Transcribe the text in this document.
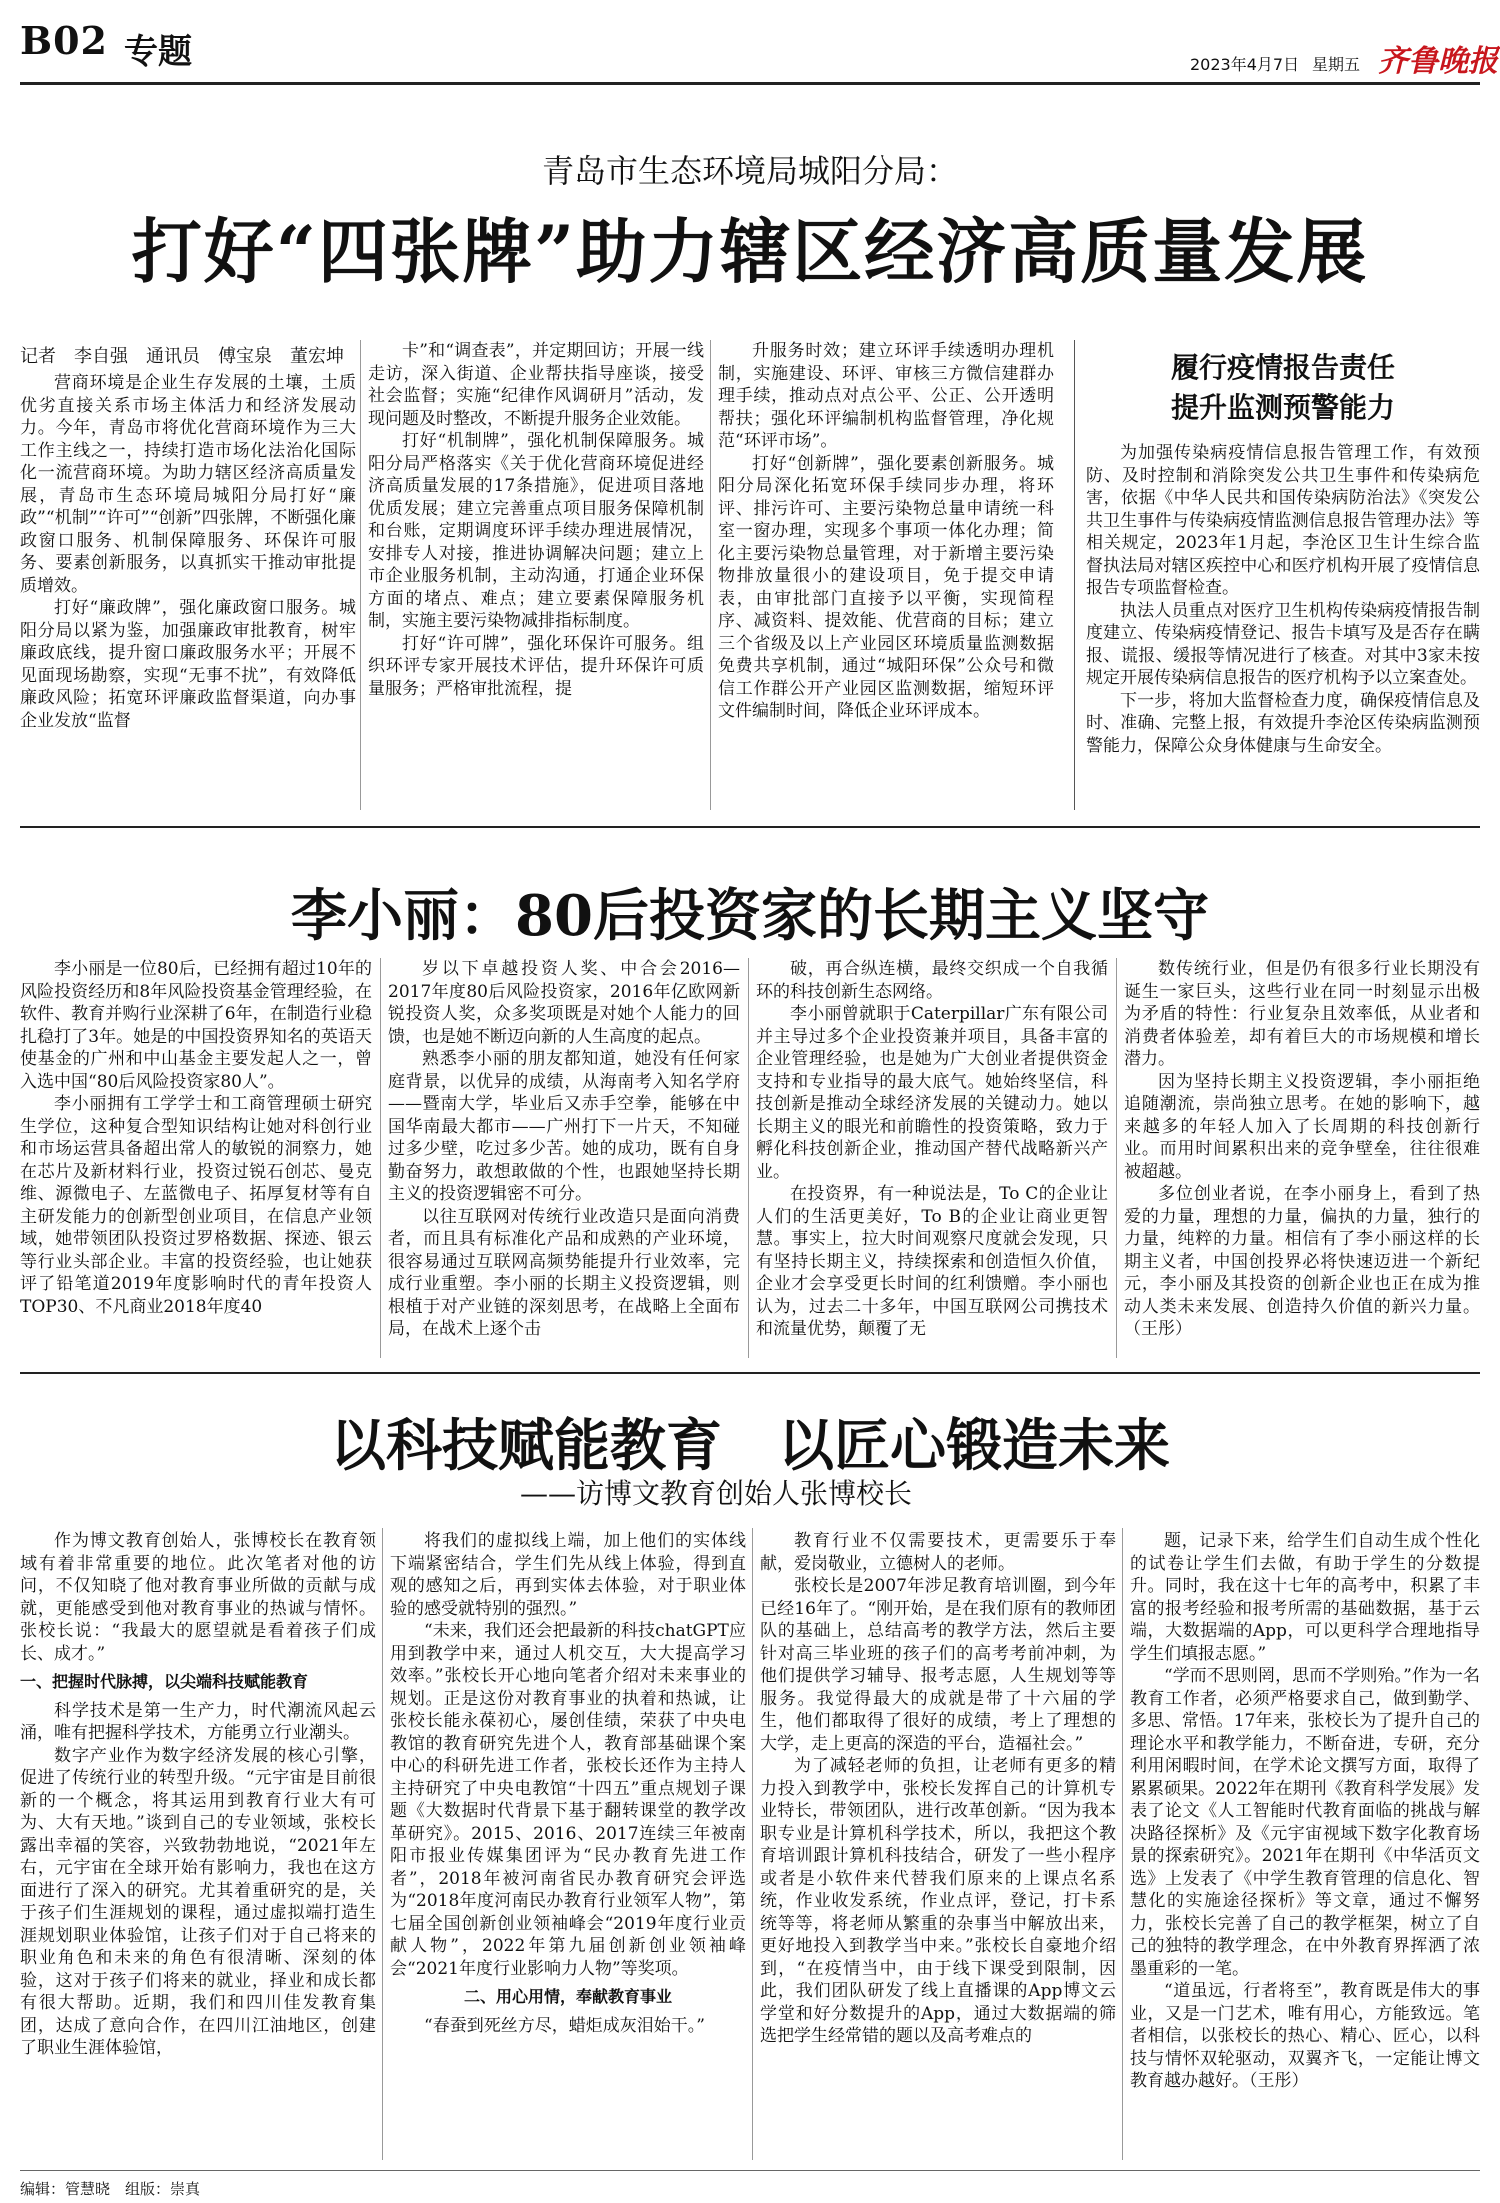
B02 专题	2023年4月7日 星期五 齐鲁晚报
青岛市生态环境局城阳分局：
打好“四张牌”助力辖区经济高质量发展
记者　李自强　通讯员　傅宝泉　董宏坤

营商环境是企业生存发展的土壤，土质优劣直接关系市场主体活力和经济发展动力。今年，青岛市将优化营商环境作为三大工作主线之一，持续打造市场化法治化国际化一流营商环境。为助力辖区经济高质量发展，青岛市生态环境局城阳分局打好“廉政”“机制”“许可”“创新”四张牌，不断强化廉政窗口服务、机制保障服务、环保许可服务、要素创新服务，以真抓实干推动审批提质增效。

打好“廉政牌”，强化廉政窗口服务。城阳分局以紧为鉴，加强廉政审批教育，树牢廉政底线，提升窗口廉政服务水平；开展不见面现场勘察，实现“无事不扰”，有效降低廉政风险；拓宽环评廉政监督渠道，向办事企业发放“监督

卡”和“调查表”，并定期回访；开展一线走访，深入街道、企业帮扶指导座谈，接受社会监督；实施“纪律作风调研月”活动，发现问题及时整改，不断提升服务企业效能。

打好“机制牌”，强化机制保障服务。城阳分局严格落实《关于优化营商环境促进经济高质量发展的17条措施》，促进项目落地优质发展；建立完善重点项目服务保障机制和台账，定期调度环评手续办理进展情况，安排专人对接，推进协调解决问题；建立上市企业服务机制，主动沟通，打通企业环保方面的堵点、难点；建立要素保障服务机制，实施主要污染物减排指标制度。

打好“许可牌”，强化环保许可服务。组织环评专家开展技术评估，提升环保许可质量服务；严格审批流程，提

升服务时效；建立环评手续透明办理机制，实施建设、环评、审核三方微信建群办理手续，推动点对点公平、公正、公开透明帮扶；强化环评编制机构监督管理，净化规范“环评市场”。

打好“创新牌”，强化要素创新服务。城阳分局深化拓宽环保手续同步办理，将环评、排污许可、主要污染物总量申请统一科室一窗办理，实现多个事项一体化办理；简化主要污染物总量管理，对于新增主要污染物排放量很小的建设项目，免于提交申请表，由审批部门直接予以平衡，实现简程序、减资料、提效能、优营商的目标；建立三个省级及以上产业园区环境质量监测数据免费共享机制，通过“城阳环保”公众号和微信工作群公开产业园区监测数据，缩短环评文件编制时间，降低企业环评成本。

履行疫情报告责任
提升监测预警能力

为加强传染病疫情信息报告管理工作，有效预防、及时控制和消除突发公共卫生事件和传染病危害，依据《中华人民共和国传染病防治法》《突发公共卫生事件与传染病疫情监测信息报告管理办法》等相关规定，2023年1月起，李沧区卫生计生综合监督执法局对辖区疾控中心和医疗机构开展了疫情信息报告专项监督检查。

执法人员重点对医疗卫生机构传染病疫情报告制度建立、传染病疫情登记、报告卡填写及是否存在瞒报、谎报、缓报等情况进行了核查。对其中3家未按规定开展传染病信息报告的医疗机构予以立案查处。

下一步，将加大监督检查力度，确保疫情信息及时、准确、完整上报，有效提升李沧区传染病监测预警能力，保障公众身体健康与生命安全。

李小丽：80后投资家的长期主义坚守

李小丽是一位80后，已经拥有超过10年的风险投资经历和8年风险投资基金管理经验，在软件、教育并购行业深耕了6年，在制造行业稳扎稳打了3年。她是的中国投资界知名的英语天使基金的广州和中山基金主要发起人之一，曾入选中国“80后风险投资家80人”。

李小丽拥有工学学士和工商管理硕士研究生学位，这种复合型知识结构让她对科创行业和市场运营具备超出常人的敏锐的洞察力，她在芯片及新材料行业，投资过锐石创芯、曼克维、源微电子、左蓝微电子、拓厚复材等有自主研发能力的创新型创业项目，在信息产业领域，她带领团队投资过罗格数据、探迹、银云等行业头部企业。丰富的投资经验，也让她获评了铅笔道2019年度影响时代的青年投资人TOP30、不凡商业2018年度40

岁以下卓越投资人奖、中合会2016—2017年度80后风险投资家，2016年亿欧网新锐投资人奖，众多奖项既是对她个人能力的回馈，也是她不断迈向新的人生高度的起点。

熟悉李小丽的朋友都知道，她没有任何家庭背景，以优异的成绩，从海南考入知名学府——暨南大学，毕业后又赤手空拳，能够在中国华南最大都市——广州打下一片天，不知碰过多少壁，吃过多少苦。她的成功，既有自身勤奋努力，敢想敢做的个性，也跟她坚持长期主义的投资逻辑密不可分。

以往互联网对传统行业改造只是面向消费者，而且具有标准化产品和成熟的产业环境，很容易通过互联网高频势能提升行业效率，完成行业重塑。李小丽的长期主义投资逻辑，则根植于对产业链的深刻思考，在战略上全面布局，在战术上逐个击

破，再合纵连横，最终交织成一个自我循环的科技创新生态网络。

李小丽曾就职于Caterpillar广东有限公司并主导过多个企业投资兼并项目，具备丰富的企业管理经验，也是她为广大创业者提供资金支持和专业指导的最大底气。她始终坚信，科技创新是推动全球经济发展的关键动力。她以长期主义的眼光和前瞻性的投资策略，致力于孵化科技创新企业，推动国产替代战略新兴产业。

在投资界，有一种说法是，To C的企业让人们的生活更美好，To B的企业让商业更智慧。事实上，拉大时间观察尺度就会发现，只有坚持长期主义，持续探索和创造恒久价值，企业才会享受更长时间的红利馈赠。李小丽也认为，过去二十多年，中国互联网公司携技术和流量优势，颠覆了无

数传统行业，但是仍有很多行业长期没有诞生一家巨头，这些行业在同一时刻显示出极为矛盾的特性：行业复杂且效率低，从业者和消费者体验差，却有着巨大的市场规模和增长潜力。

因为坚持长期主义投资逻辑，李小丽拒绝追随潮流，崇尚独立思考。在她的影响下，越来越多的年轻人加入了长周期的科技创新行业。而用时间累积出来的竞争壁垒，往往很难被超越。

多位创业者说，在李小丽身上，看到了热爱的力量，理想的力量，偏执的力量，独行的力量，纯粹的力量。相信有了李小丽这样的长期主义者，中国创投界必将快速迈进一个新纪元，李小丽及其投资的创新企业也正在成为推动人类未来发展、创造持久价值的新兴力量。（王彤）

以科技赋能教育　以匠心锻造未来
——访博文教育创始人张博校长

作为博文教育创始人，张博校长在教育领域有着非常重要的地位。此次笔者对他的访问，不仅知晓了他对教育事业所做的贡献与成就，更能感受到他对教育事业的热诚与情怀。张校长说：“我最大的愿望就是看着孩子们成长、成才。”

一、把握时代脉搏，以尖端科技赋能教育

科学技术是第一生产力，时代潮流风起云涌，唯有把握科学技术，方能勇立行业潮头。

数字产业作为数字经济发展的核心引擎，促进了传统行业的转型升级。“元宇宙是目前很新的一个概念，将其运用到教育行业大有可为、大有天地。”谈到自己的专业领域，张校长露出幸福的笑容，兴致勃勃地说，“2021年左右，元宇宙在全球开始有影响力，我也在这方面进行了深入的研究。尤其着重研究的是，关于孩子们生涯规划的课程，通过虚拟端打造生涯规划职业体验馆，让孩子们对于自己将来的职业角色和未来的角色有很清晰、深刻的体验，这对于孩子们将来的就业，择业和成长都有很大帮助。近期，我们和四川佳发教育集团，达成了意向合作，在四川江油地区，创建了职业生涯体验馆，

将我们的虚拟线上端，加上他们的实体线下端紧密结合，学生们先从线上体验，得到直观的感知之后，再到实体去体验，对于职业体验的感受就特别的强烈。”

“未来，我们还会把最新的科技chatGPT应用到教学中来，通过人机交互，大大提高学习效率。”张校长开心地向笔者介绍对未来事业的规划。正是这份对教育事业的执着和热诚，让张校长能永葆初心，屡创佳绩，荣获了中央电教馆的教育研究先进个人，教育部基础课个案中心的科研先进工作者，张校长还作为主持人主持研究了中央电教馆“十四五”重点规划子课题《大数据时代背景下基于翻转课堂的教学改革研究》。2015、2016、2017连续三年被南阳市报业传媒集团评为“民办教育先进工作者”，2018年被河南省民办教育研究会评选为“2018年度河南民办教育行业领军人物”，第七届全国创新创业领袖峰会“2019年度行业贡献人物”，2022年第九届创新创业领袖峰会“2021年度行业影响力人物”等奖项。

二、用心用情，奉献教育事业

“春蚕到死丝方尽，蜡炬成灰泪始干。”

教育行业不仅需要技术，更需要乐于奉献，爱岗敬业，立德树人的老师。

张校长是2007年涉足教育培训圈，到今年已经16年了。“刚开始，是在我们原有的教师团队的基础上，总结高考的教学方法，然后主要针对高三毕业班的孩子们的高考考前冲刺，为他们提供学习辅导、报考志愿，人生规划等等服务。我觉得最大的成就是带了十六届的学生，他们都取得了很好的成绩，考上了理想的大学，走上更高的深造的平台，造福社会。”

为了减轻老师的负担，让老师有更多的精力投入到教学中，张校长发挥自己的计算机专业特长，带领团队，进行改革创新。“因为我本职专业是计算机科学技术，所以，我把这个教育培训跟计算机科技结合，研发了一些小程序或者是小软件来代替我们原来的上课点名系统，作业收发系统，作业点评，登记，打卡系统等等，将老师从繁重的杂事当中解放出来，更好地投入到教学当中来。”张校长自豪地介绍到，“在疫情当中，由于线下课受到限制，因此，我们团队研发了线上直播课的App博文云学堂和好分数提升的App，通过大数据端的筛选把学生经常错的题以及高考难点的

题，记录下来，给学生们自动生成个性化的试卷让学生们去做，有助于学生的分数提升。同时，我在这十七年的高考中，积累了丰富的报考经验和报考所需的基础数据，基于云端，大数据端的App，可以更科学合理地指导学生们填报志愿。”

“学而不思则罔，思而不学则殆。”作为一名教育工作者，必须严格要求自己，做到勤学、多思、常悟。17年来，张校长为了提升自己的理论水平和教学能力，不断奋进，专研，充分利用闲暇时间，在学术论文撰写方面，取得了累累硕果。2022年在期刊《教育科学发展》发表了论文《人工智能时代教育面临的挑战与解决路径探析》及《元宇宙视域下数字化教育场景的探索研究》。2021年在期刊《中华活页文选》上发表了《中学生教育管理的信息化、智慧化的实施途径探析》等文章，通过不懈努力，张校长完善了自己的教学框架，树立了自己的独特的教学理念，在中外教育界挥洒了浓墨重彩的一笔。

“道虽远，行者将至”，教育既是伟大的事业，又是一门艺术，唯有用心，方能致远。笔者相信，以张校长的热心、精心、匠心，以科技与情怀双轮驱动，双翼齐飞，一定能让博文教育越办越好。（王彤）

编辑：管慧晓　组版：崇真
